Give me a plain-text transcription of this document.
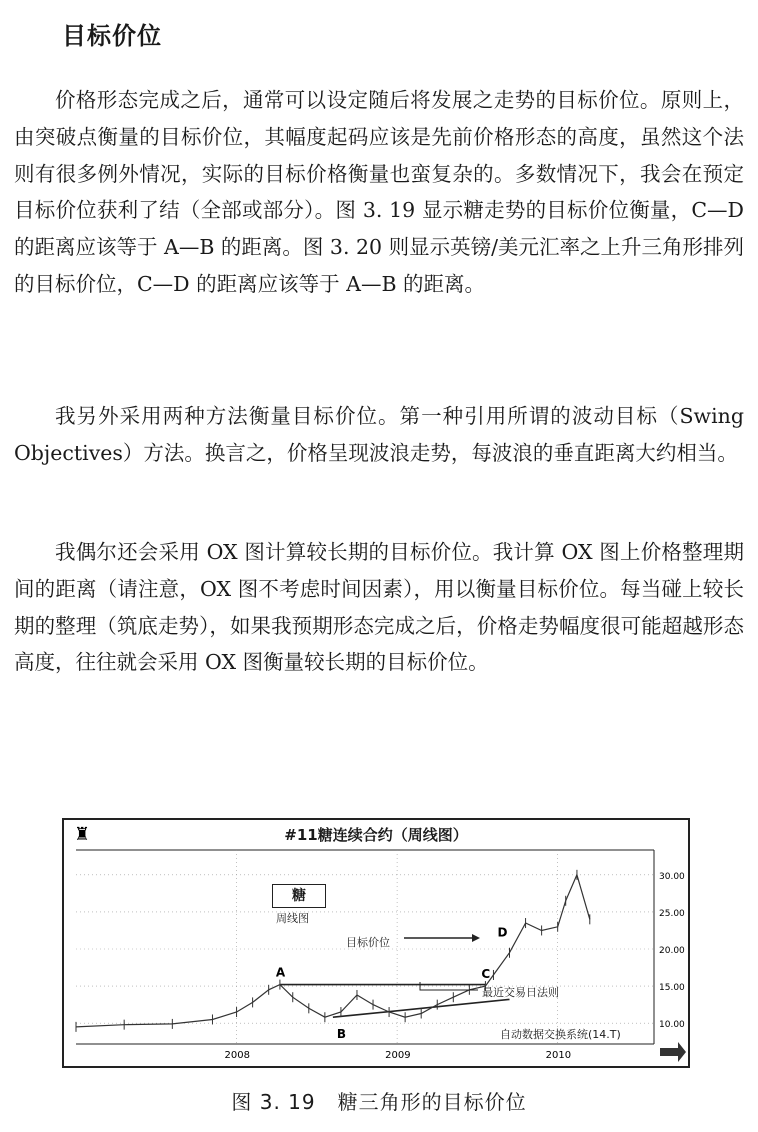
目标价位

价格形态完成之后，通常可以设定随后将发展之走势的目标价位。原则上，由突破点衡量的目标价位，其幅度起码应该是先前价格形态的高度，虽然这个法则有很多例外情况，实际的目标价格衡量也蛮复杂的。多数情况下，我会在预定目标价位获利了结（全部或部分）。图 3. 19 显示糖走势的目标价位衡量，C—D 的距离应该等于 A—B 的距离。图 3. 20 则显示英镑/美元汇率之上升三角形排列的目标价位，C—D 的距离应该等于 A—B 的距离。

我另外采用两种方法衡量目标价位。第一种引用所谓的波动目标（Swing Objectives）方法。换言之，价格呈现波浪走势，每波浪的垂直距离大约相当。

我偶尔还会采用 OX 图计算较长期的目标价位。我计算 OX 图上价格整理期间的距离（请注意，OX 图不考虑时间因素），用以衡量目标价位。每当碰上较长期的整理（筑底走势），如果我预期形态完成之后，价格走势幅度很可能超越形态高度，往往就会采用 OX 图衡量较长期的目标价位。

10.00
15.00
20.00
25.00
30.00
2008	2009	2010
A
B
C
D
♜	#11糖连续合约（周线图）
糖
周线图
目标价位
最近交易日法则
自动数据交换系统(14.T)

图 3. 19 糖三角形的目标价位
